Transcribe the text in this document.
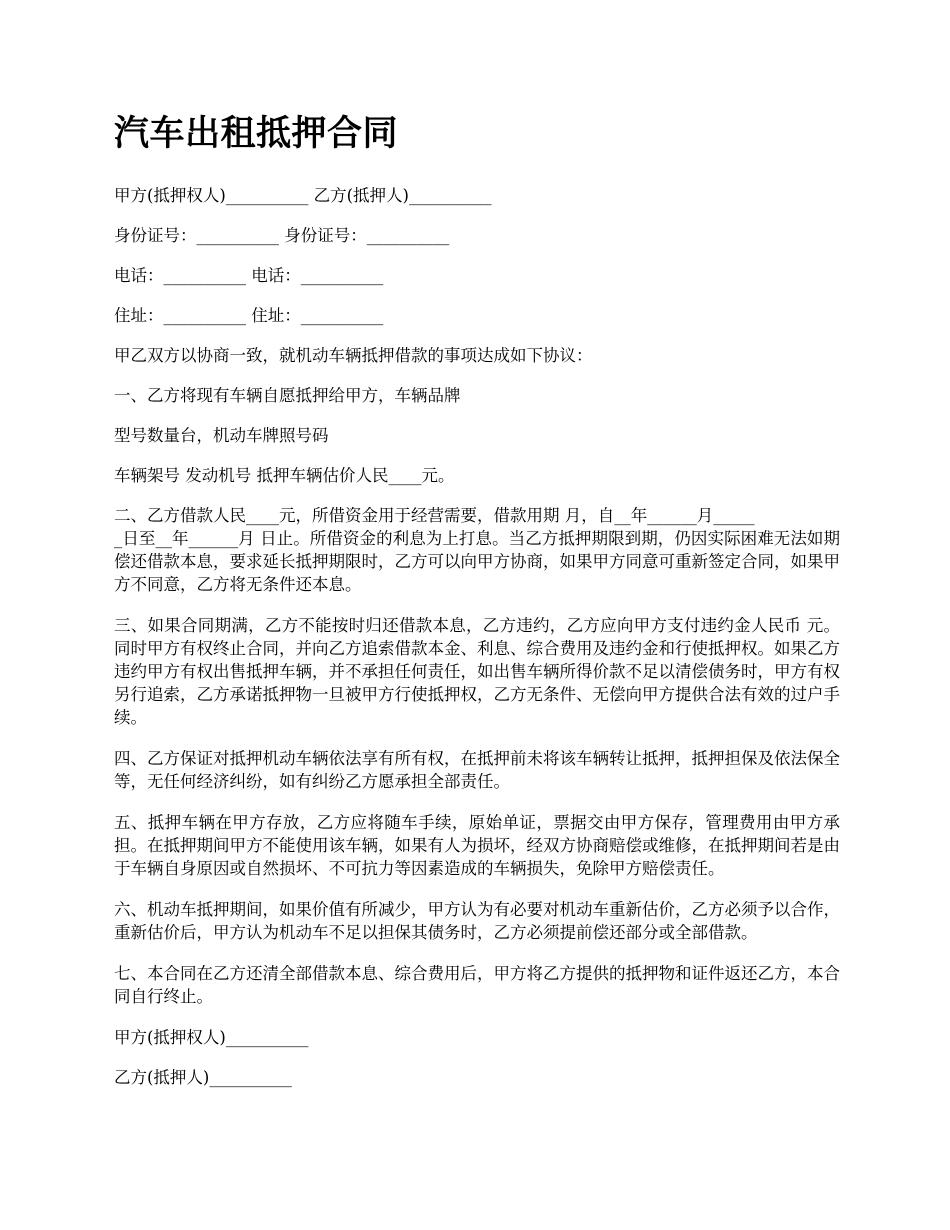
汽车出租抵押合同

甲方(抵押权人)__________ 乙方(抵押人)__________

身份证号：__________ 身份证号：__________

电话：__________ 电话：__________

住址：__________ 住址：__________

甲乙双方以协商一致，就机动车辆抵押借款的事项达成如下协议：

一、乙方将现有车辆自愿抵押给甲方，车辆品牌

型号数量台，机动车牌照号码

车辆架号 发动机号 抵押车辆估价人民____元。

二、乙方借款人民____元，所借资金用于经营需要，借款用期 月，自__年______月_____
_日至__年______月 日止。所借资金的利息为上打息。当乙方抵押期限到期，仍因实际困难无法如期偿还借款本息，要求延长抵押期限时，乙方可以向甲方协商，如果甲方同意可重新签定合同，如果甲方不同意，乙方将无条件还本息。

三、如果合同期满，乙方不能按时归还借款本息，乙方违约，乙方应向甲方支付违约金人民币 元。同时甲方有权终止合同，并向乙方追索借款本金、利息、综合费用及违约金和行使抵押权。如果乙方违约甲方有权出售抵押车辆，并不承担任何责任，如出售车辆所得价款不足以清偿债务时，甲方有权另行追索，乙方承诺抵押物一旦被甲方行使抵押权，乙方无条件、无偿向甲方提供合法有效的过户手续。

四、乙方保证对抵押机动车辆依法享有所有权，在抵押前未将该车辆转让抵押，抵押担保及依法保全等，无任何经济纠纷，如有纠纷乙方愿承担全部责任。

五、抵押车辆在甲方存放，乙方应将随车手续，原始单证，票据交由甲方保存，管理费用由甲方承担。在抵押期间甲方不能使用该车辆，如果有人为损坏，经双方协商赔偿或维修，在抵押期间若是由于车辆自身原因或自然损坏、不可抗力等因素造成的车辆损失，免除甲方赔偿责任。

六、机动车抵押期间，如果价值有所减少，甲方认为有必要对机动车重新估价，乙方必须予以合作，重新估价后，甲方认为机动车不足以担保其债务时，乙方必须提前偿还部分或全部借款。

七、本合同在乙方还清全部借款本息、综合费用后，甲方将乙方提供的抵押物和证件返还乙方，本合同自行终止。

甲方(抵押权人)__________

乙方(抵押人)__________
